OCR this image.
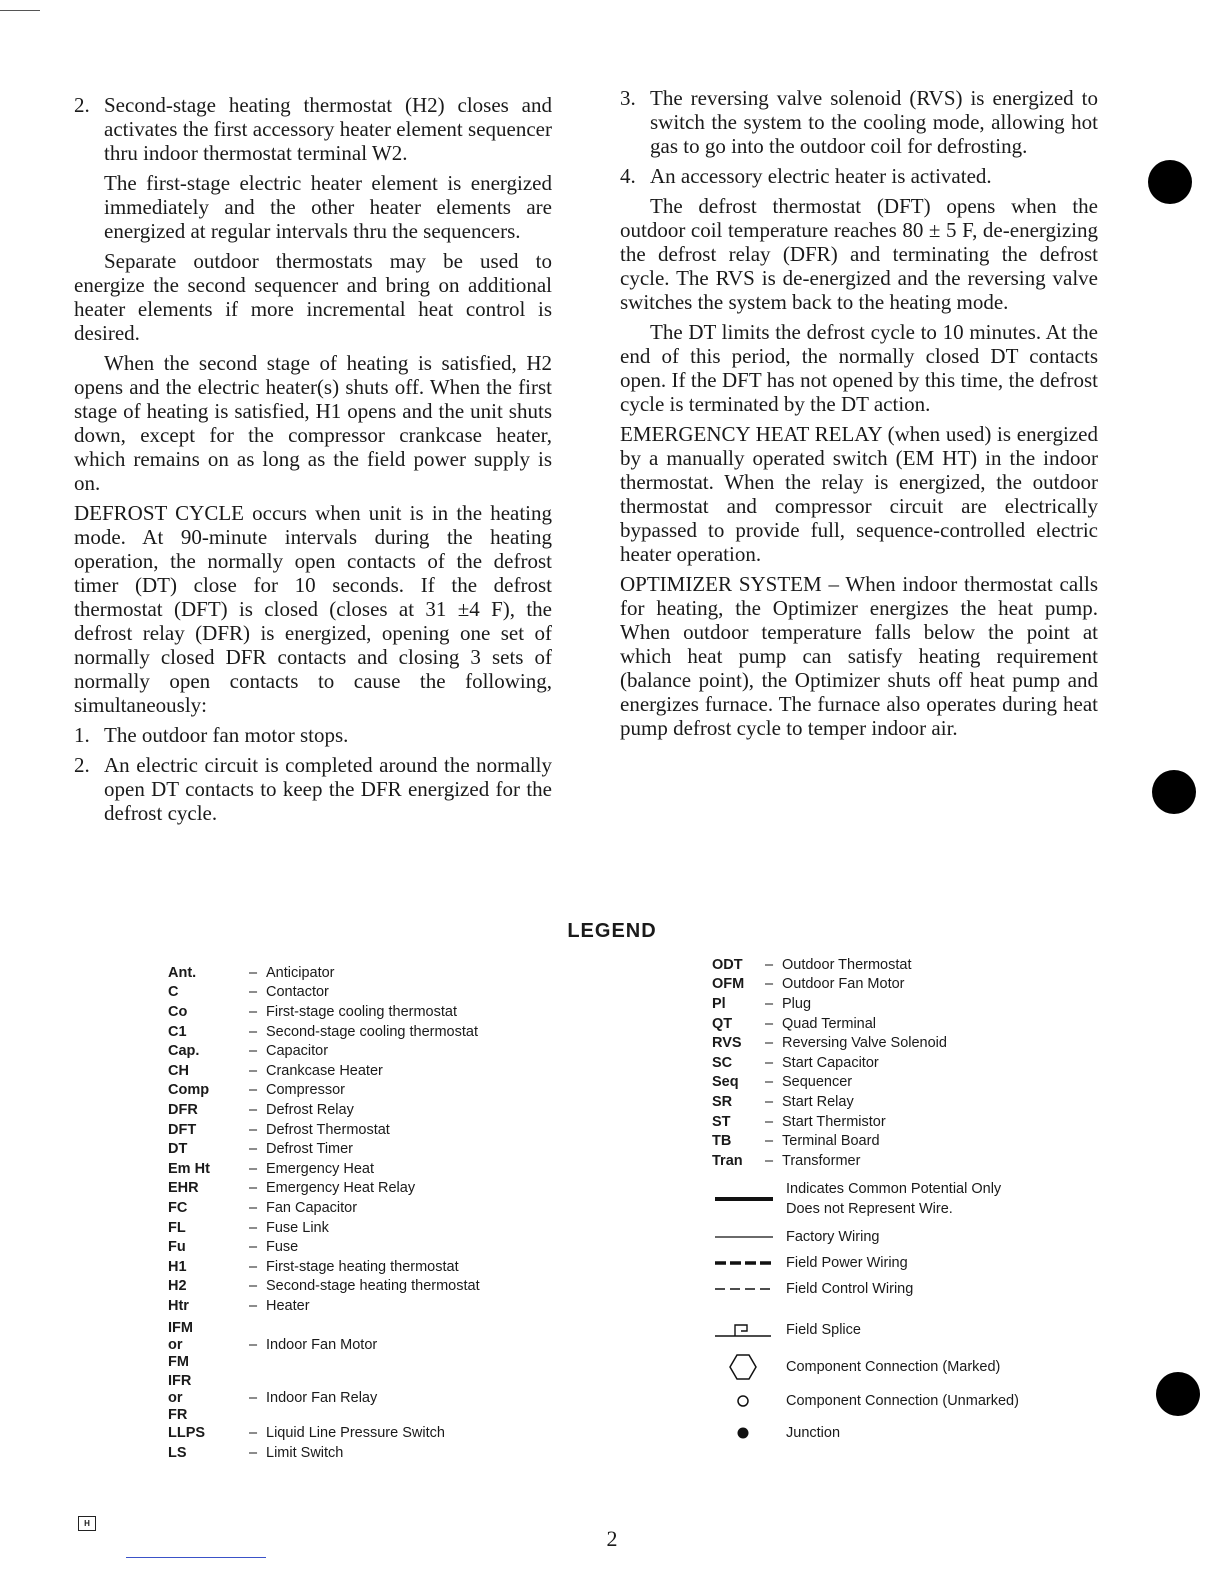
2. Second-stage heating thermostat (H2) closes and activates the first accessory heater element sequencer thru indoor thermostat terminal W2.

The first-stage electric heater element is energized immediately and the other heater elements are energized at regular intervals thru the sequencers.

Separate outdoor thermostats may be used to energize the second sequencer and bring on additional heater elements if more incremental heat control is desired.

When the second stage of heating is satisfied, H2 opens and the electric heater(s) shuts off. When the first stage of heating is satisfied, H1 opens and the unit shuts down, except for the compressor crankcase heater, which remains on as long as the field power supply is on.

DEFROST CYCLE occurs when unit is in the heating mode. At 90-minute intervals during the heating operation, the normally open contacts of the defrost timer (DT) close for 10 seconds. If the defrost thermostat (DFT) is closed (closes at 31 ±4 F), the defrost relay (DFR) is energized, opening one set of normally closed DFR contacts and closing 3 sets of normally open contacts to cause the following, simultaneously:

1. The outdoor fan motor stops.
2. An electric circuit is completed around the normally open DT contacts to keep the DFR energized for the defrost cycle.
3. The reversing valve solenoid (RVS) is energized to switch the system to the cooling mode, allowing hot gas to go into the outdoor coil for defrosting.
4. An accessory electric heater is activated.

The defrost thermostat (DFT) opens when the outdoor coil temperature reaches 80 ± 5 F, de-energizing the defrost relay (DFR) and terminating the defrost cycle. The RVS is de-energized and the reversing valve switches the system back to the heating mode.

The DT limits the defrost cycle to 10 minutes. At the end of this period, the normally closed DT contacts open. If the DFT has not opened by this time, the defrost cycle is terminated by the DT action.

EMERGENCY HEAT RELAY (when used) is energized by a manually operated switch (EM HT) in the indoor thermostat. When the relay is energized, the outdoor thermostat and compressor circuit are electrically bypassed to provide full, sequence-controlled electric heater operation.

OPTIMIZER SYSTEM – When indoor thermostat calls for heating, the Optimizer energizes the heat pump. When outdoor temperature falls below the point at which heat pump can satisfy heating requirement (balance point), the Optimizer shuts off heat pump and energizes furnace. The furnace also operates during heat pump defrost cycle to temper indoor air.

LEGEND
Ant.	– Anticipator
C	– Contactor
Co	– First-stage cooling thermostat
C1	– Second-stage cooling thermostat
Cap.	– Capacitor
CH	– Crankcase Heater
Comp	– Compressor
DFR	– Defrost Relay
DFT	– Defrost Thermostat
DT	– Defrost Timer
Em Ht	– Emergency Heat
EHR	– Emergency Heat Relay
FC	– Fan Capacitor
FL	– Fuse Link
Fu	– Fuse
H1	– First-stage heating thermostat
H2	– Second-stage heating thermostat
Htr	– Heater
IFM
or
FM
– Indoor Fan Motor
IFR
or
FR
– Indoor Fan Relay
LLPS	– Liquid Line Pressure Switch
LS	– Limit Switch
ODT	– Outdoor Thermostat
OFM	– Outdoor Fan Motor
Pl	– Plug
QT	– Quad Terminal
RVS	– Reversing Valve Solenoid
SC	– Start Capacitor
Seq	– Sequencer
SR	– Start Relay
ST	– Start Thermistor
TB	– Terminal Board
Tran	– Transformer
Indicates Common Potential Only
Does not Represent Wire.
Factory Wiring
Field Power Wiring
Field Control Wiring
Field Splice
Component Connection (Marked)
Component Connection (Unmarked)
Junction
H
2
